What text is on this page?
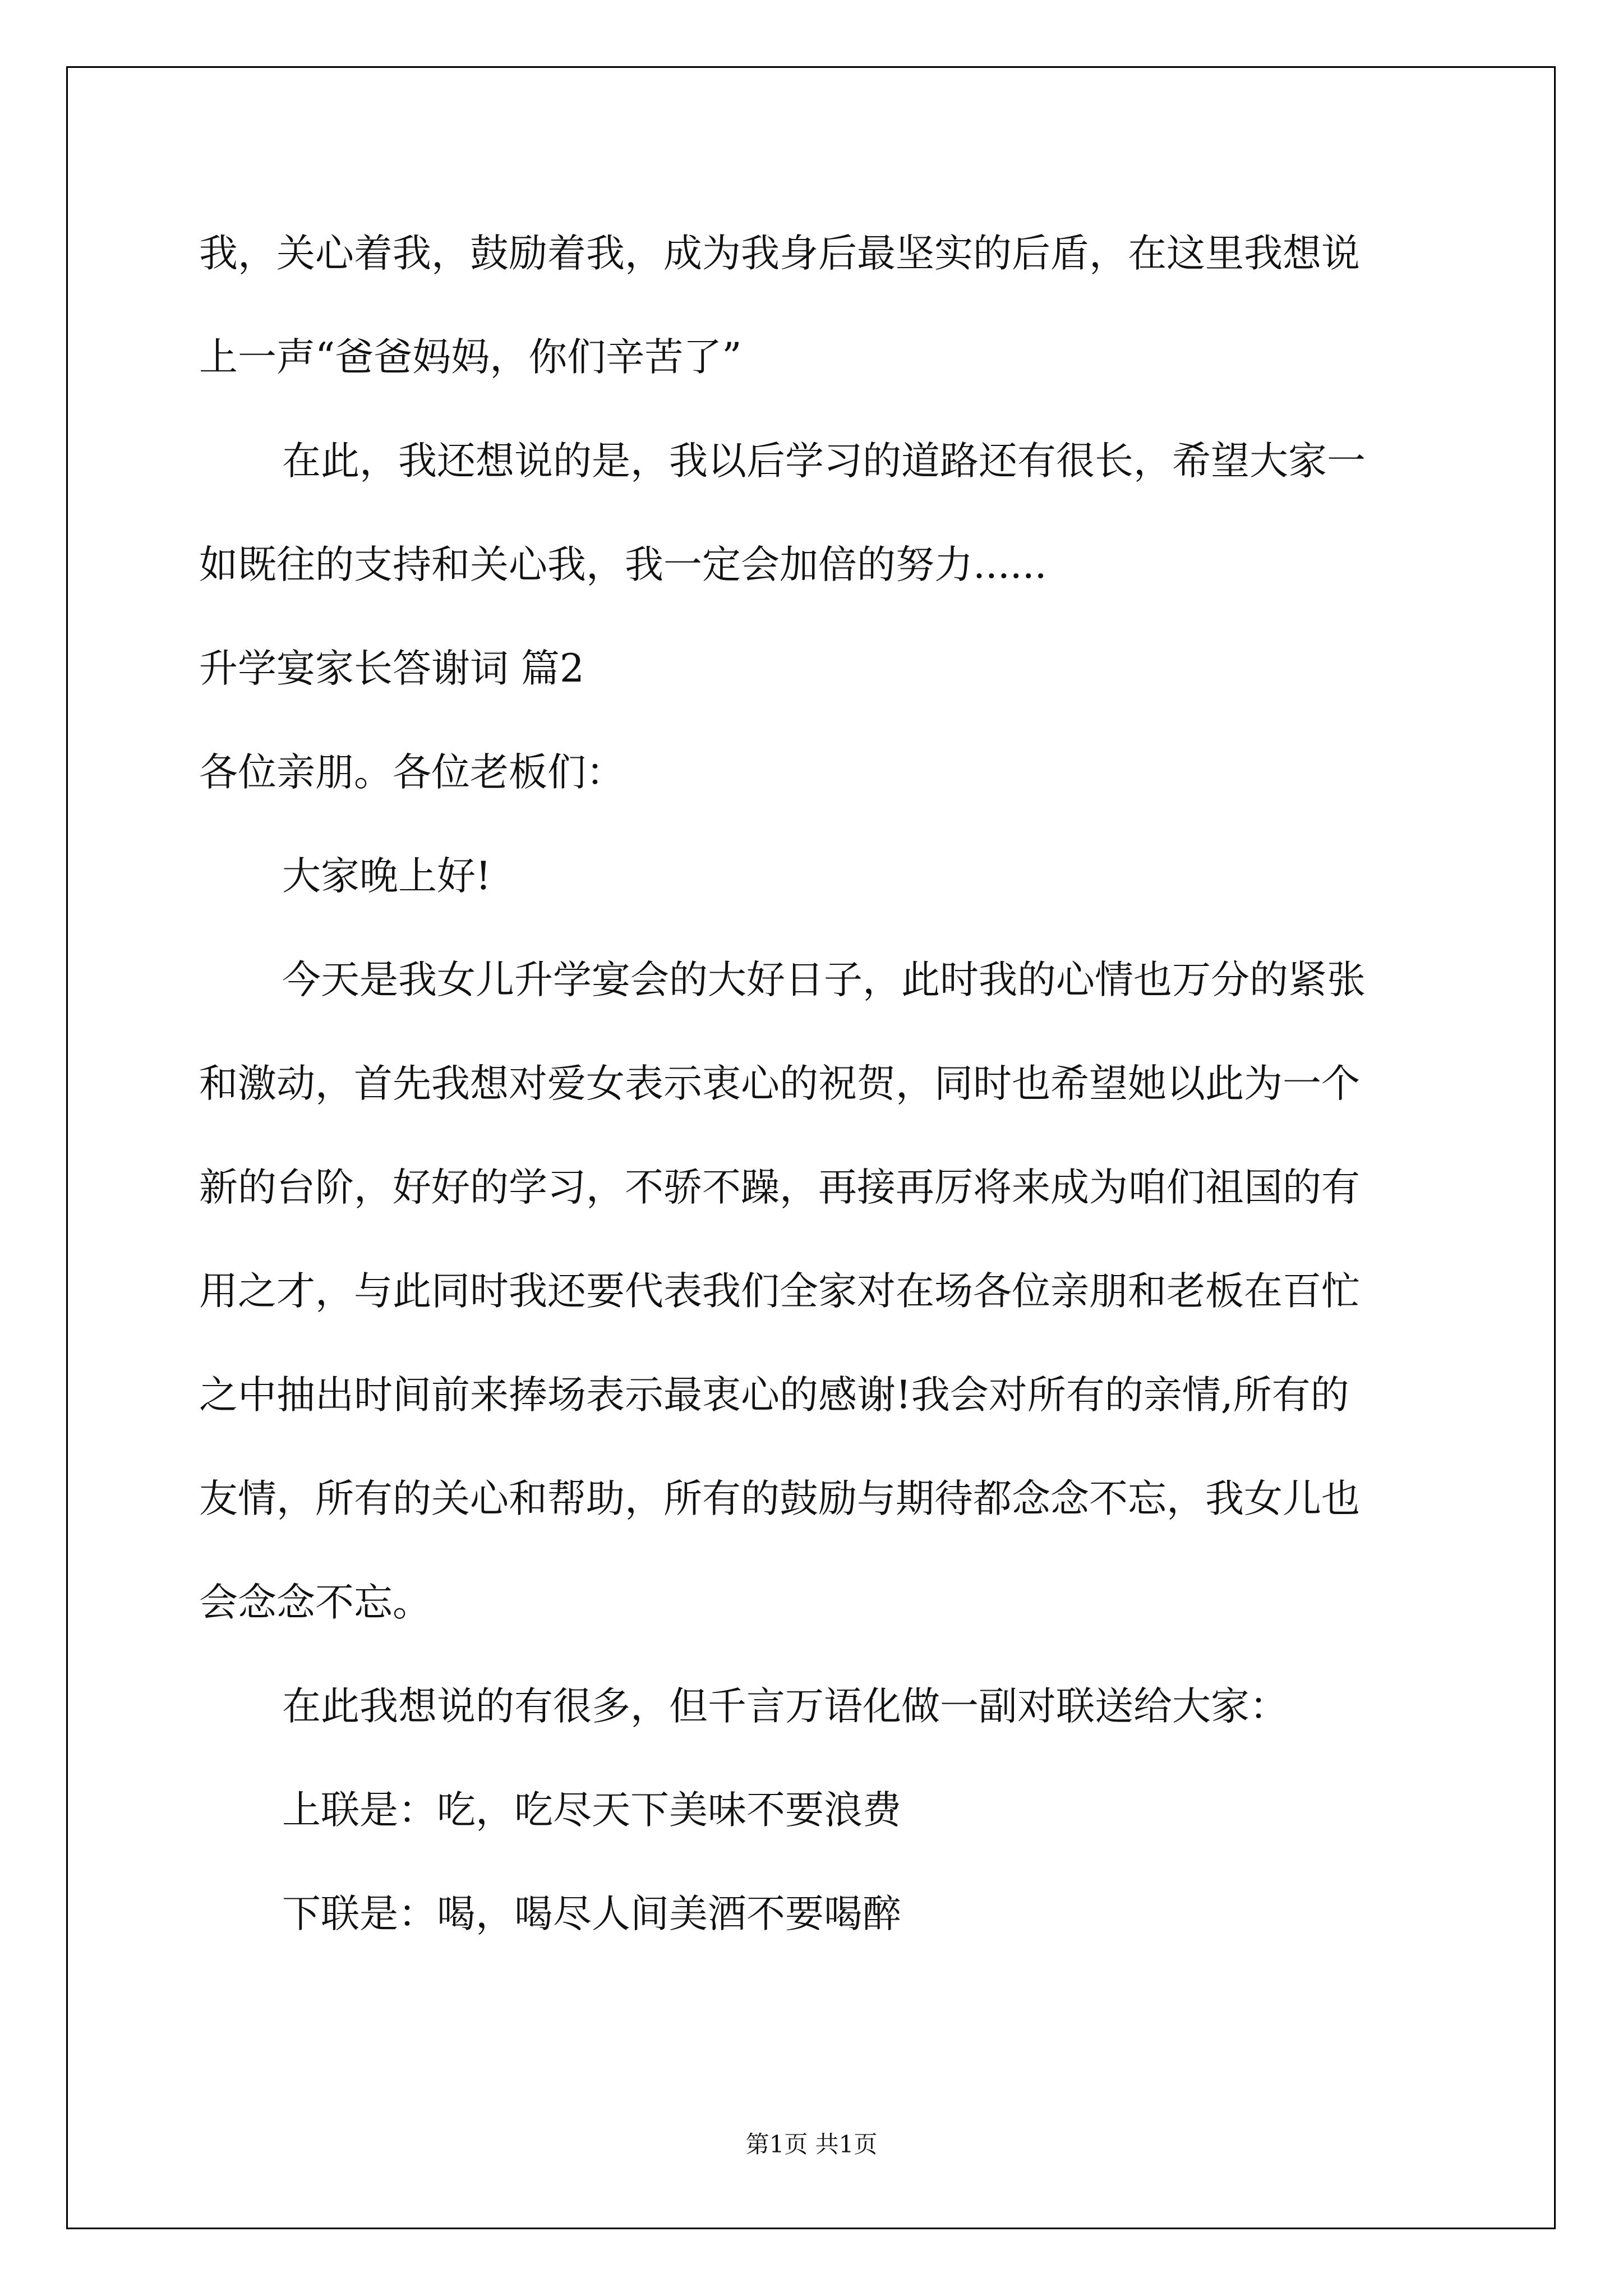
我，关心着我，鼓励着我，成为我身后最坚实的后盾，在这里我想说
上一声“爸爸妈妈，你们辛苦了”
在此，我还想说的是，我以后学习的道路还有很长，希望大家一
如既往的支持和关心我，我一定会加倍的努力......
升学宴家长答谢词 篇2
各位亲朋。各位老板们：
大家晚上好!
今天是我女儿升学宴会的大好日子，此时我的心情也万分的紧张
和激动，首先我想对爱女表示衷心的祝贺，同时也希望她以此为一个
新的台阶，好好的学习，不骄不躁，再接再厉将来成为咱们祖国的有
用之才，与此同时我还要代表我们全家对在场各位亲朋和老板在百忙
之中抽出时间前来捧场表示最衷心的感谢!我会对所有的亲情,所有的
友情，所有的关心和帮助，所有的鼓励与期待都念念不忘，我女儿也
会念念不忘。
在此我想说的有很多，但千言万语化做一副对联送给大家：
上联是：吃，吃尽天下美味不要浪费
下联是：喝，喝尽人间美酒不要喝醉
第1页 共1页
